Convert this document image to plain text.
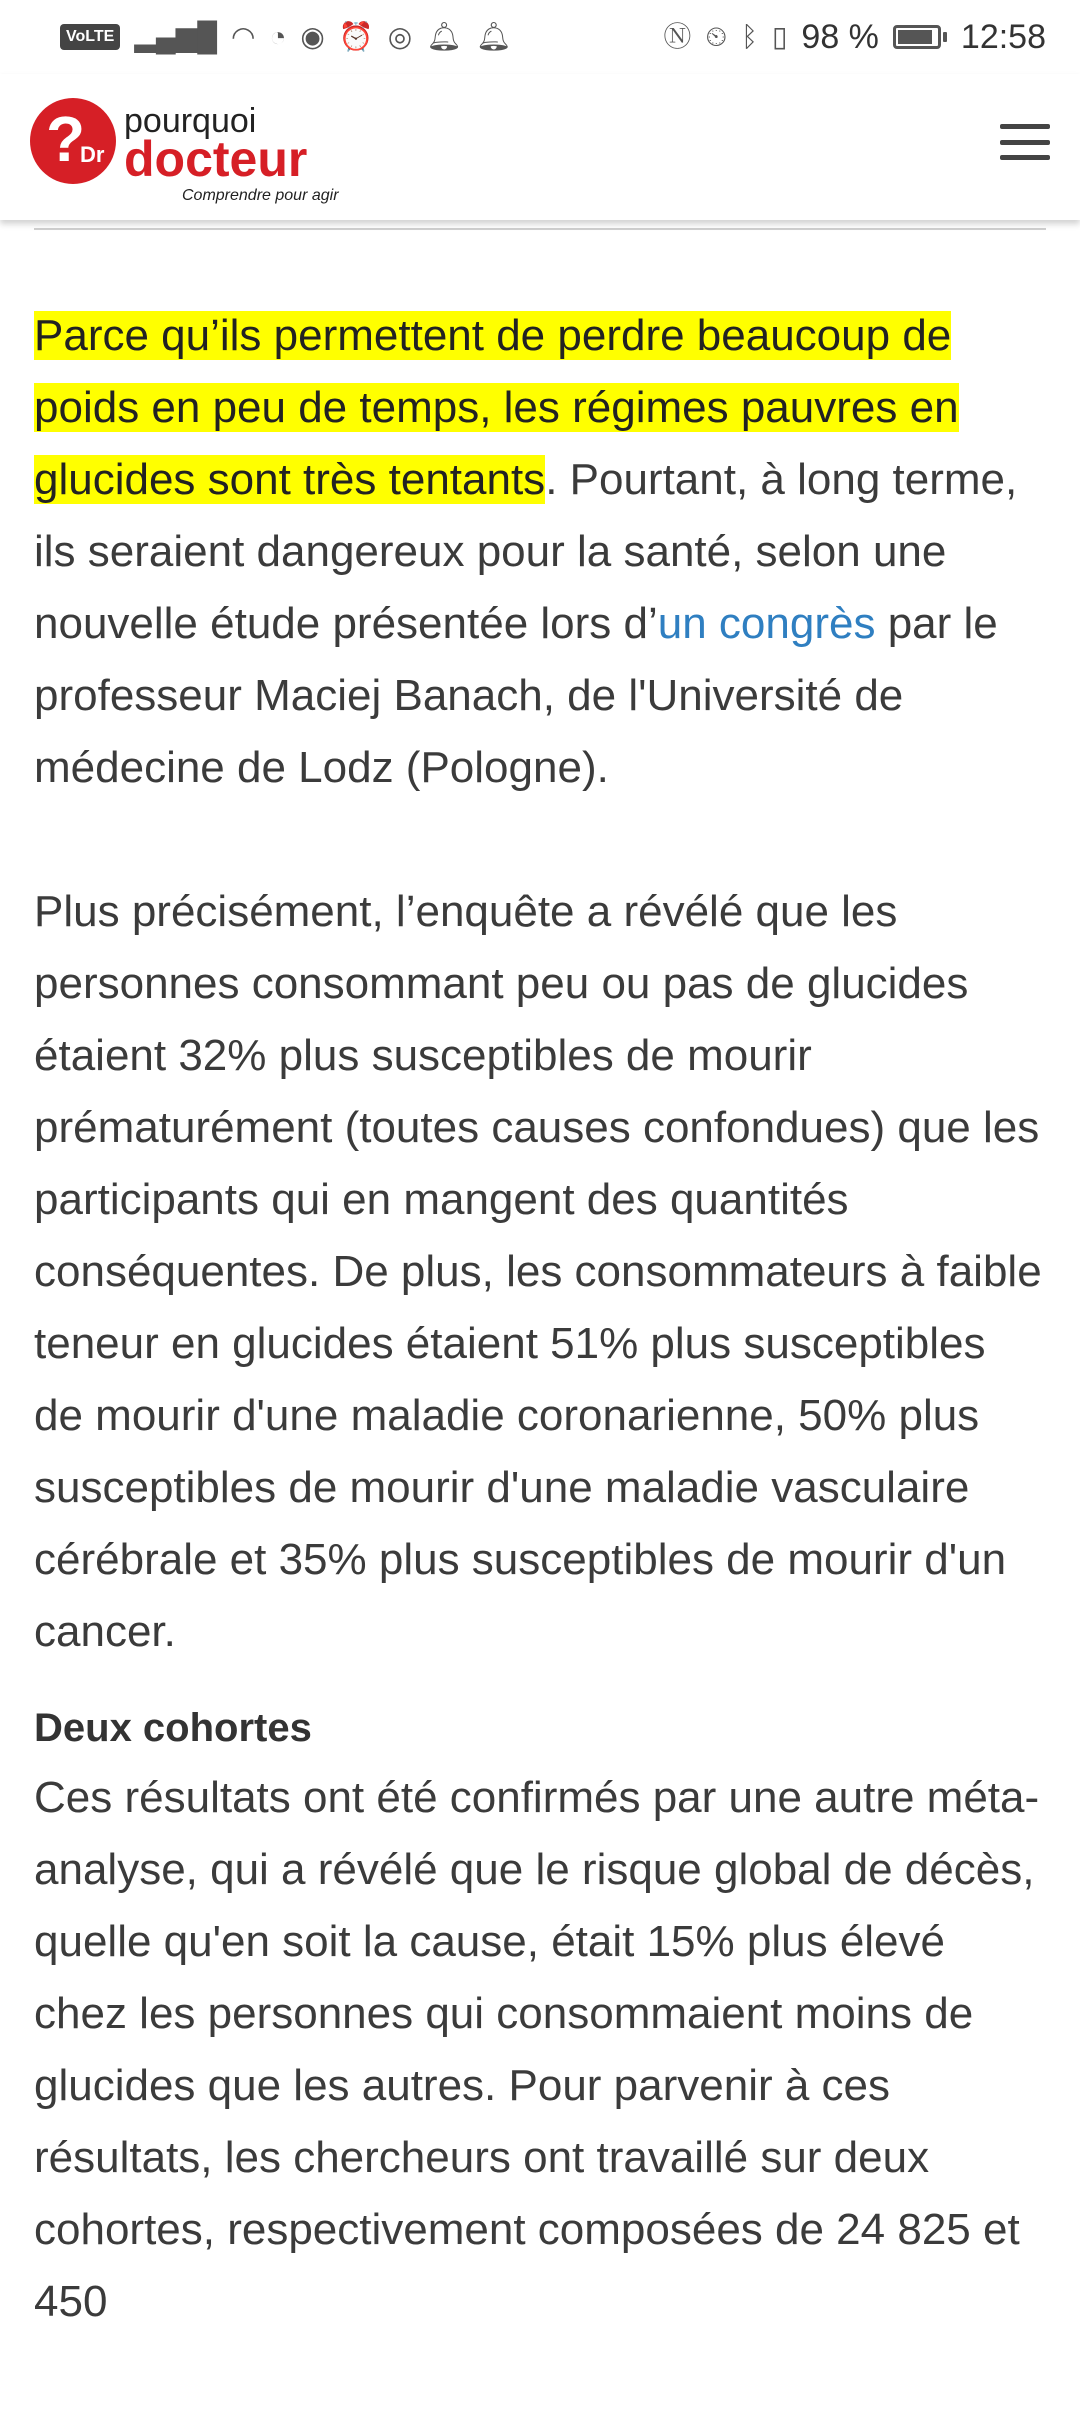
VoLTE ▂▄▆█ ◠ ◔ ◉ ⏰ ◎ 🔔︎ 🔔︎	Ⓝ ⏲ ᛒ ▯ 98 % 12:58
?
Dr
pourquoi
docteur
Comprendre pour agir

Parce qu’ils permettent de perdre beaucoup de poids en peu de temps, les régimes pauvres en glucides sont très tentants. Pourtant, à long terme, ils seraient dangereux pour la santé, selon une nouvelle étude présentée lors d’un congrès par le professeur Maciej Banach, de l'Université de médecine de Lodz (Pologne).

Plus précisément, l’enquête a révélé que les personnes consommant peu ou pas de glucides étaient 32% plus susceptibles de mourir prématurément (toutes causes confondues) que les participants qui en mangent des quantités conséquentes. De plus, les consommateurs à faible teneur en glucides étaient 51% plus susceptibles de mourir d'une maladie coronarienne, 50% plus susceptibles de mourir d'une maladie vasculaire cérébrale et 35% plus susceptibles de mourir d'un cancer.

Deux cohortes

Ces résultats ont été confirmés par une autre méta-analyse, qui a révélé que le risque global de décès, quelle qu'en soit la cause, était 15% plus élevé chez les personnes qui consommaient moins de glucides que les autres. Pour parvenir à ces résultats, les chercheurs ont travaillé sur deux cohortes, respectivement composées de 24 825 et 450
